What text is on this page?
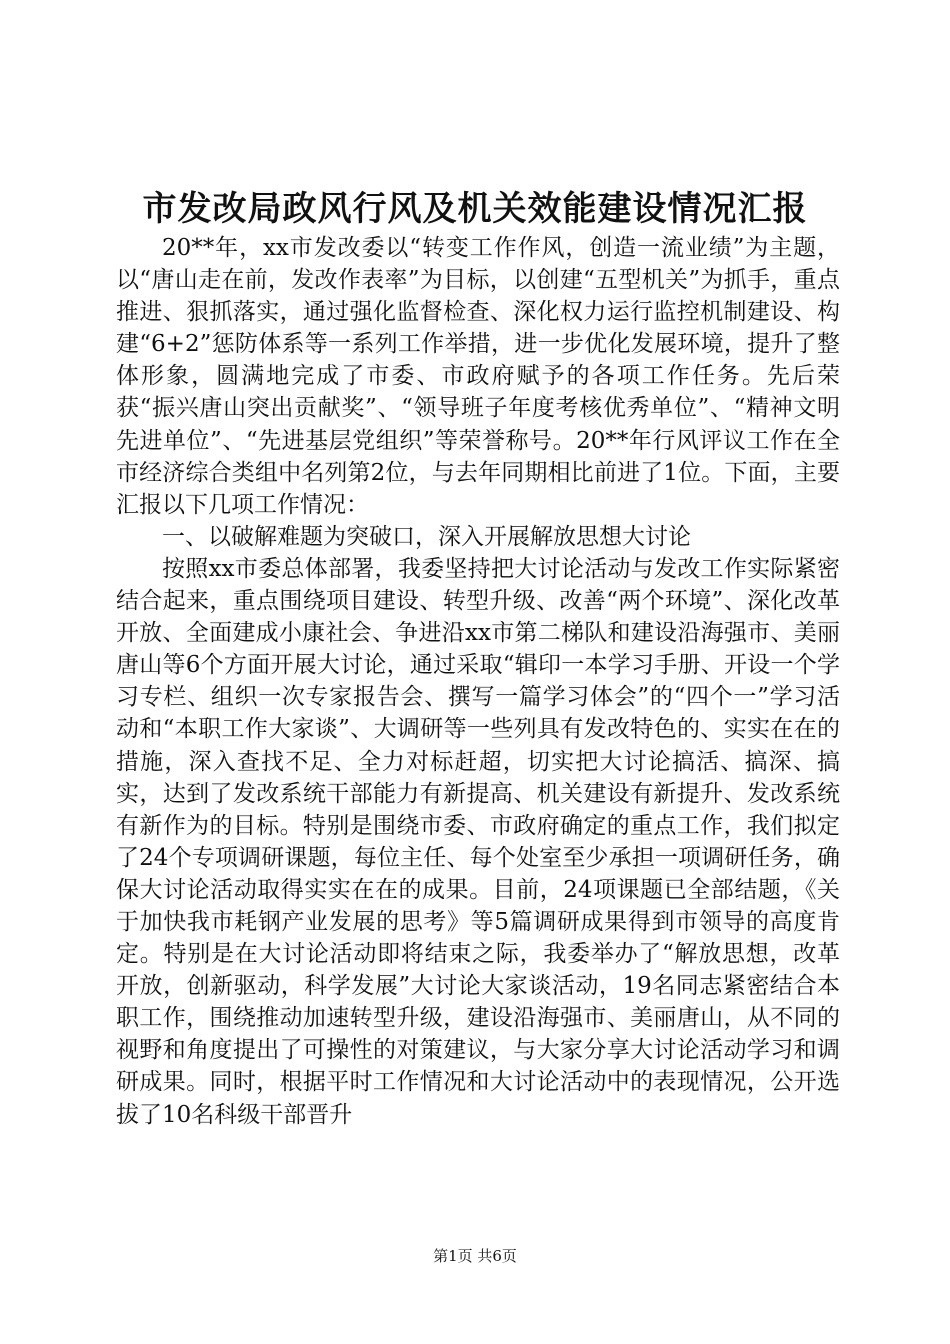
市发改局政风行风及机关效能建设情况汇报

20**年，xx市发改委以“转变工作作风，创造一流业绩”为主题，以“唐山走在前，发改作表率”为目标，以创建“五型机关”为抓手，重点推进、狠抓落实，通过强化监督检查、深化权力运行监控机制建设、构建“6+2”惩防体系等一系列工作举措，进一步优化发展环境，提升了整体形象，圆满地完成了市委、市政府赋予的各项工作任务。先后荣获“振兴唐山突出贡献奖”、“领导班子年度考核优秀单位”、“精神文明先进单位”、“先进基层党组织”等荣誉称号。20**年行风评议工作在全市经济综合类组中名列第2位，与去年同期相比前进了1位。下面，主要汇报以下几项工作情况：

一、以破解难题为突破口，深入开展解放思想大讨论

按照xx市委总体部署，我委坚持把大讨论活动与发改工作实际紧密结合起来，重点围绕项目建设、转型升级、改善“两个环境”、深化改革开放、全面建成小康社会、争进沿xx市第二梯队和建设沿海强市、美丽唐山等6个方面开展大讨论，通过采取“辑印一本学习手册、开设一个学习专栏、组织一次专家报告会、撰写一篇学习体会”的“四个一”学习活动和“本职工作大家谈”、大调研等一些列具有发改特色的、实实在在的措施，深入查找不足、全力对标赶超，切实把大讨论搞活、搞深、搞实，达到了发改系统干部能力有新提高、机关建设有新提升、发改系统有新作为的目标。特别是围绕市委、市政府确定的重点工作，我们拟定了24个专项调研课题，每位主任、每个处室至少承担一项调研任务，确保大讨论活动取得实实在在的成果。目前，24项课题已全部结题，《关于加快我市耗钢产业发展的思考》等5篇调研成果得到市领导的高度肯定。特别是在大讨论活动即将结束之际，我委举办了“解放思想，改革开放，创新驱动，科学发展”大讨论大家谈活动，19名同志紧密结合本职工作，围绕推动加速转型升级，建设沿海强市、美丽唐山，从不同的视野和角度提出了可操性的对策建议，与大家分享大讨论活动学习和调研成果。同时，根据平时工作情况和大讨论活动中的表现情况，公开选拔了10名科级干部晋升

第1页 共6页
